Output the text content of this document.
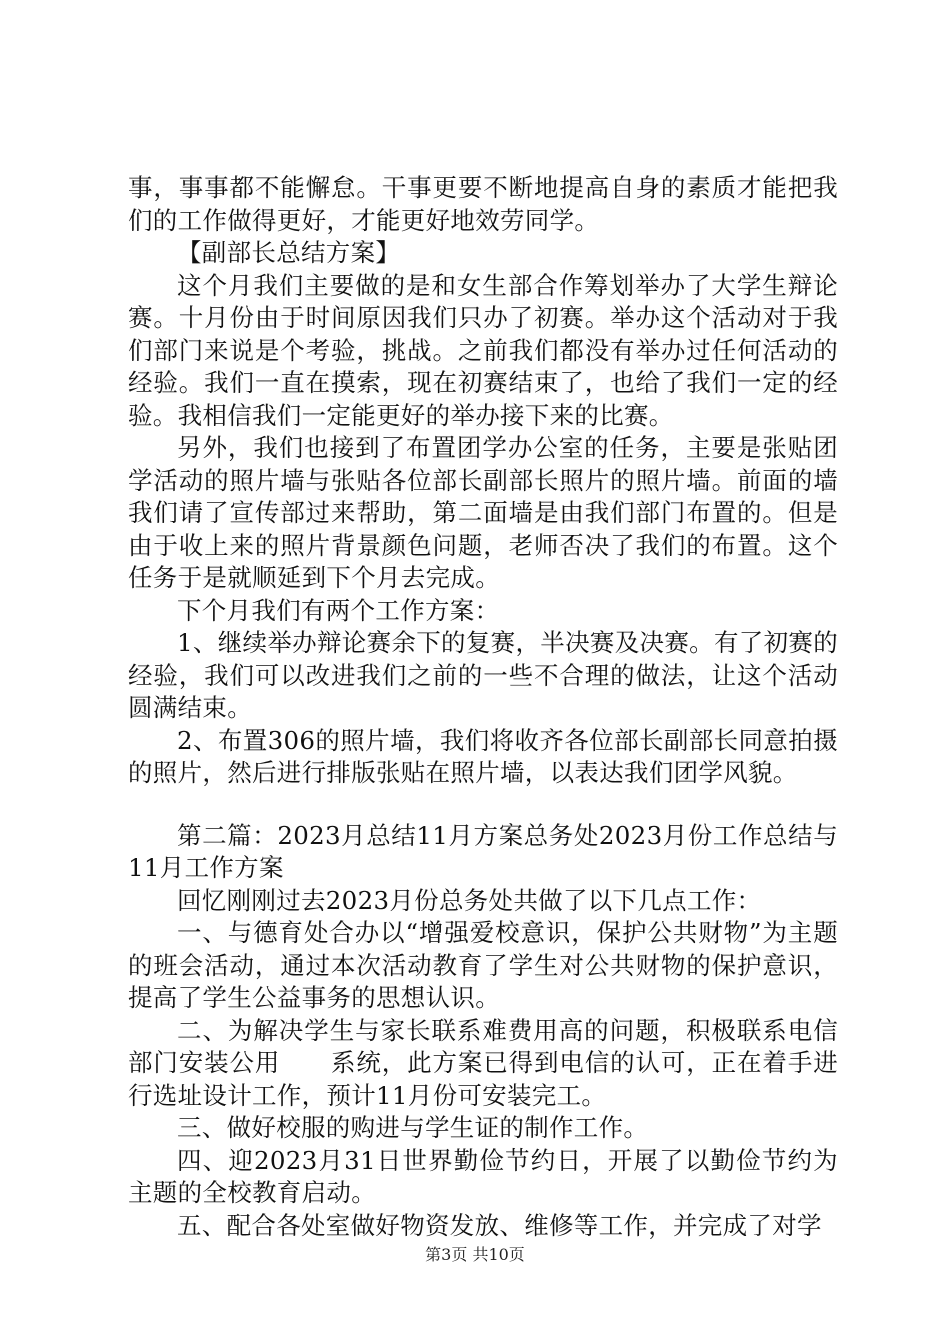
事，事事都不能懈怠。干事更要不断地提高自身的素质才能把我们的工作做得更好，才能更好地效劳同学。

【副部长总结方案】

这个月我们主要做的是和女生部合作筹划举办了大学生辩论赛。十月份由于时间原因我们只办了初赛。举办这个活动对于我们部门来说是个考验，挑战。之前我们都没有举办过任何活动的经验。我们一直在摸索，现在初赛结束了，也给了我们一定的经验。我相信我们一定能更好的举办接下来的比赛。

另外，我们也接到了布置团学办公室的任务，主要是张贴团学活动的照片墙与张贴各位部长副部长照片的照片墙。前面的墙我们请了宣传部过来帮助，第二面墙是由我们部门布置的。但是由于收上来的照片背景颜色问题，老师否决了我们的布置。这个任务于是就顺延到下个月去完成。

下个月我们有两个工作方案：

1、继续举办辩论赛余下的复赛，半决赛及决赛。有了初赛的经验，我们可以改进我们之前的一些不合理的做法，让这个活动圆满结束。

2、布置306的照片墙，我们将收齐各位部长副部长同意拍摄的照片，然后进行排版张贴在照片墙，以表达我们团学风貌。

第二篇：2023月总结11月方案总务处2023月份工作总结与11月工作方案

回忆刚刚过去2023月份总务处共做了以下几点工作：

一、与德育处合办以“增强爱校意识，保护公共财物”为主题的班会活动，通过本次活动教育了学生对公共财物的保护意识，提高了学生公益事务的思想认识。

二、为解决学生与家长联系难费用高的问题，积极联系电信部门安装公用　　系统，此方案已得到电信的认可，正在着手进行选址设计工作，预计11月份可安装完工。

三、做好校服的购进与学生证的制作工作。

四、迎2023月31日世界勤俭节约日，开展了以勤俭节约为主题的全校教育启动。

五、配合各处室做好物资发放、维修等工作，并完成了对学

第3页 共10页
